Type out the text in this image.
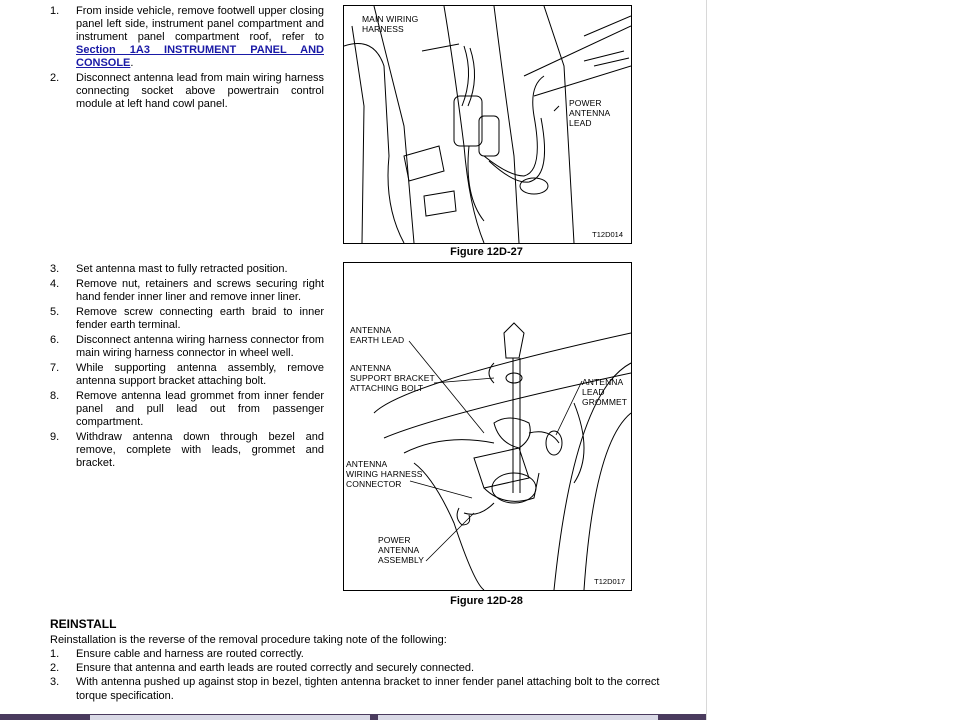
1. From inside vehicle, remove footwell upper closing panel left side, instrument panel compartment and instrument panel compartment roof, refer to Section 1A3 INSTRUMENT PANEL AND CONSOLE.
2. Disconnect antenna lead from main wiring harness connecting socket above powertrain control module at left hand cowl panel.
3. Set antenna mast to fully retracted position.
4. Remove nut, retainers and screws securing right hand fender inner liner and remove inner liner.
5. Remove screw connecting earth braid to inner fender earth terminal.
6. Disconnect antenna wiring harness connector from main wiring harness connector in wheel well.
7. While supporting antenna assembly, remove antenna support bracket attaching bolt.
8. Remove antenna lead grommet from inner fender panel and pull lead out from passenger compartment.
9. Withdraw antenna down through bezel and remove, complete with leads, grommet and bracket.
MAIN WIRING
HARNESS
POWER
ANTENNA
LEAD
T12D014
Figure 12D-27
ANTENNA
EARTH LEAD
ANTENNA
SUPPORT BRACKET
ATTACHING BOLT
ANTENNA
LEAD
GROMMET
ANTENNA
WIRING HARNESS
CONNECTOR
POWER
ANTENNA
ASSEMBLY
T12D017
Figure 12D-28
REINSTALL

Reinstallation is the reverse of the removal procedure taking note of the following:

1. Ensure cable and harness are routed correctly.
2. Ensure that antenna and earth leads are routed correctly and securely connected.
3. With antenna pushed up against stop in bezel, tighten antenna bracket to inner fender panel attaching bolt to the correct torque specification.
